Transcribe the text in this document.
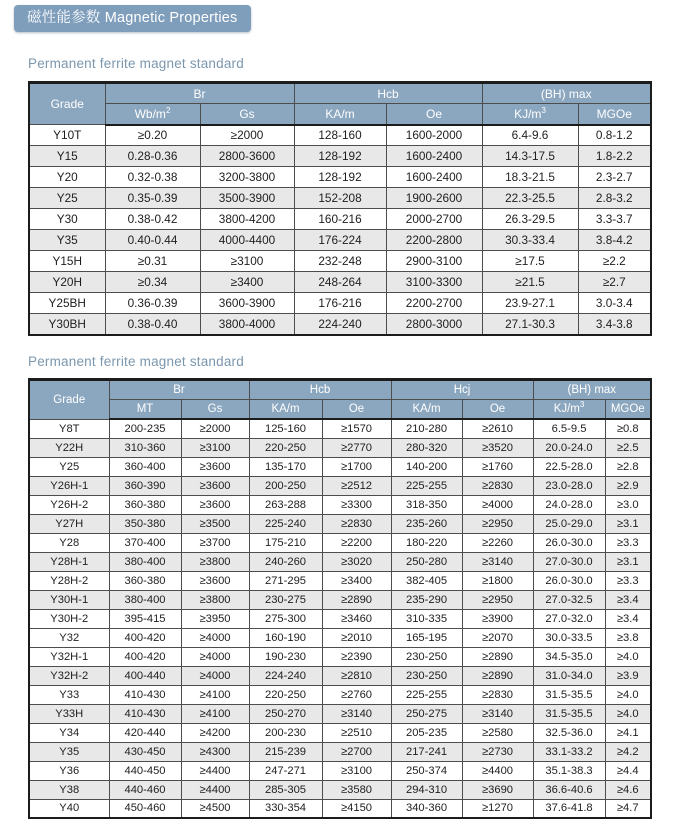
磁性能参数 Magnetic Properties
Permanent ferrite magnet standard
Grade	Br		Hcb		(BH) max	
	$Wb/m^2$	Gs	KA/m	Oe	$KJ/m^3$	MGOe
Y10T	≥0.20	≥2000	128-160	1600-2000	6.4-9.6	0.8-1.2
Y15	0.28-0.36	2800-3600	128-192	1600-2400	14.3-17.5	1.8-2.2
Y20	0.32-0.38	3200-3800	128-192	1600-2400	18.3-21.5	2.3-2.7
Y25	0.35-0.39	3500-3900	152-208	1900-2600	22.3-25.5	2.8-3.2
Y30	0.38-0.42	3800-4200	160-216	2000-2700	26.3-29.5	3.3-3.7
Y35	0.40-0.44	4000-4400	176-224	2200-2800	30.3-33.4	3.8-4.2
Y15H	≥0.31	≥3100	232-248	2900-3100	≥17.5	≥2.2
Y20H	≥0.34	≥3400	248-264	3100-3300	≥21.5	≥2.7
Y25BH	0.36-0.39	3600-3900	176-216	2200-2700	23.9-27.1	3.0-3.4
Y30BH	0.38-0.40	3800-4000	224-240	2800-3000	27.1-30.3	3.4-3.8
Permanent ferrite magnet standard
Grade	Br		Hcb		Hcj		(BH) max	
	MT	Gs	KA/m	Oe	KA/m	Oe	$KJ/m^3$	MGOe
Y8T	200-235	≥2000	125-160	≥1570	210-280	≥2610	6.5-9.5	≥0.8
Y22H	310-360	≥3100	220-250	≥2770	280-320	≥3520	20.0-24.0	≥2.5
Y25	360-400	≥3600	135-170	≥1700	140-200	≥1760	22.5-28.0	≥2.8
Y26H-1	360-390	≥3600	200-250	≥2512	225-255	≥2830	23.0-28.0	≥2.9
Y26H-2	360-380	≥3600	263-288	≥3300	318-350	≥4000	24.0-28.0	≥3.0
Y27H	350-380	≥3500	225-240	≥2830	235-260	≥2950	25.0-29.0	≥3.1
Y28	370-400	≥3700	175-210	≥2200	180-220	≥2260	26.0-30.0	≥3.3
Y28H-1	380-400	≥3800	240-260	≥3020	250-280	≥3140	27.0-30.0	≥3.1
Y28H-2	360-380	≥3600	271-295	≥3400	382-405	≥1800	26.0-30.0	≥3.3
Y30H-1	380-400	≥3800	230-275	≥2890	235-290	≥2950	27.0-32.5	≥3.4
Y30H-2	395-415	≥3950	275-300	≥3460	310-335	≥3900	27.0-32.0	≥3.4
Y32	400-420	≥4000	160-190	≥2010	165-195	≥2070	30.0-33.5	≥3.8
Y32H-1	400-420	≥4000	190-230	≥2390	230-250	≥2890	34.5-35.0	≥4.0
Y32H-2	400-440	≥4000	224-240	≥2810	230-250	≥2890	31.0-34.0	≥3.9
Y33	410-430	≥4100	220-250	≥2760	225-255	≥2830	31.5-35.5	≥4.0
Y33H	410-430	≥4100	250-270	≥3140	250-275	≥3140	31.5-35.5	≥4.0
Y34	420-440	≥4200	200-230	≥2510	205-235	≥2580	32.5-36.0	≥4.1
Y35	430-450	≥4300	215-239	≥2700	217-241	≥2730	33.1-33.2	≥4.2
Y36	440-450	≥4400	247-271	≥3100	250-374	≥4400	35.1-38.3	≥4.4
Y38	440-460	≥4400	285-305	≥3580	294-310	≥3690	36.6-40.6	≥4.6
Y40	450-460	≥4500	330-354	≥4150	340-360	≥1270	37.6-41.8	≥4.7
